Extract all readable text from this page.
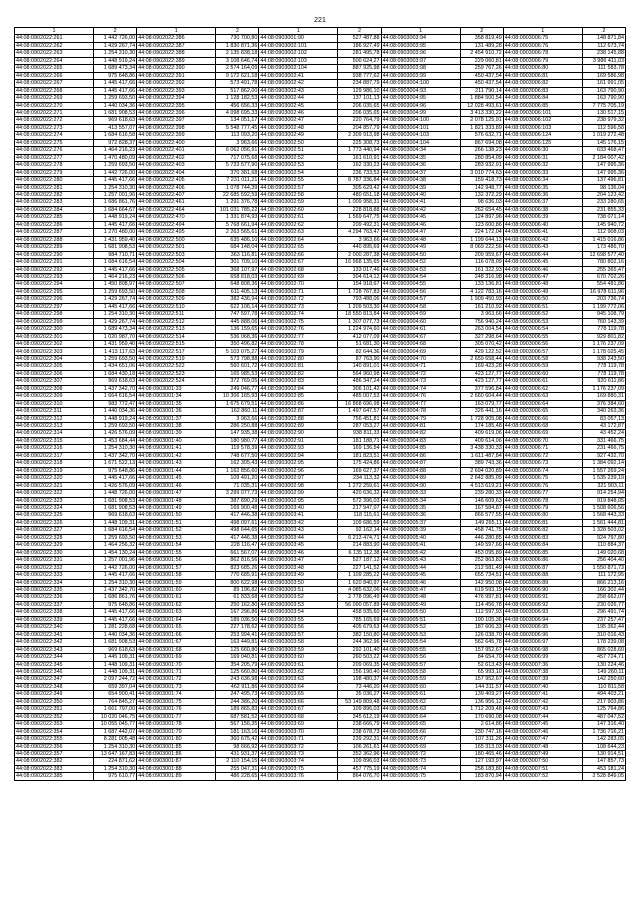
221
1	2	1	2	1	2	1	2	1	2
44:08:0902022:261	1 442 726,00	44:08:0902022:386	730 700,80	44:08:0903001:90	527 487,88	44:08:0903003:94	358 819,49	44:08:0903006:75	148 871,84
44:08:0902022:262	1 429 267,74	44:08:0902022:387	1 830 871,36	44:08:0903002:101	186 927,49	44:08:0903003:95	131 489,28	44:08:0903006:76	112 673,74
44:08:0902022:263	1 254 310,30	44:08:0902022:388	2 135 838,18	44:08:0903002:102	281 495,78	44:08:0903003:96	2 454 910,72	44:08:0903006:78	238 145,88
44:08:0902022:264	1 448 919,24	44:08:0902022:389	3 108 646,74	44:08:0903002:103	500 624,27	44:08:0903003:97	229 060,81	44:08:0903006:79	3 986 411,03
44:08:0902022:265	1 689 473,34	44:08:0902022:390	2 574 164,09	44:08:0903002:104	887 925,98	44:08:0903003:98	259 767,26	44:08:0903006:80	111 583,78
44:08:0902022:266	975 648,86	44:08:0902022:391	9 172 621,18	44:08:0903002:41	938 777,62	44:08:0903003:99	450 437,54	44:08:0903006:81	169 586,98
44:08:0902022:267	1 445 417,66	44:08:0902022:392	573 491,78	44:08:0903002:42	234 887,79	44:08:0903004:100	450 437,54	44:08:0903006:82	161 991,05
44:08:0902022:268	1 445 417,66	44:08:0902022:393	517 862,00	44:08:0903002:43	129 986,10	44:08:0903004:93	211 790,14	44:08:0903006:83	163 790,90
44:08:0902022:269	1 259 693,50	44:08:0902022:394	1 128 182,53	44:08:0903002:44	137 101,13	44:08:0903004:95	1 884 500,54	44:08:0903006:84	163 790,90
44:08:0902022:270	1 440 034,36	44:08:0902022:395	456 656,33	44:08:0903002:45	206 035,65	44:08:0903004:96	12 028 493,61	44:08:0903006:85	7 775 705,19
44:08:0902022:271	1 681 908,53	44:08:0902022:396	4 098 695,33	44:08:0903002:46	206 035,65	44:08:0903004:99	3 413 330,22	44:08:0903006:101	130 517,15
44:08:0902022:272	969 618,63	44:08:0902022:397	134 051,17	44:08:0903002:47	220 764,79	44:08:0903004:100	2 078 125,91	44:08:0903006:102	238 979,32
44:08:0902022:273	413 557,07	44:08:0902022:398	5 548 777,45	44:08:0903002:48	204 857,79	44:08:0903004:101	1 821 333,89	44:08:0903006:103	112 596,58
44:08:0902022:274	1 684 616,58	44:08:0902022:399	113 093,20	44:08:0903002:49	2 309 913,98	44:08:0903004:103	576 632,71	44:08:0903006:124	1 019 272,48
44:08:0902022:275	972 828,37	44:08:0902022:400	3 963,66	44:08:0903002:50	225 308,73	44:08:0903004:104	867 694,08	44:08:0903006:125	145 176,15
44:08:0902022:276	1 464 216,23	44:08:0902022:401	6 062 056,91	44:08:0903002:51	1 773 440,94	44:08:0903004:34	266 138,23	44:08:0903006:30	633 468,47
44:08:0902022:277	1 470 480,09	44:08:0902022:402	717 075,68	44:08:0903002:52	161 610,91	44:08:0903004:35	280 854,09	44:08:0903006:31	2 184 007,42
44:08:0902022:278	1 259 693,50	44:08:0902022:403	5 733 577,90	44:08:0903002:53	162 330,23	44:08:0903004:36	283 932,91	44:08:0903006:32	147 995,36
44:08:0902022:279	1 442 726,00	44:08:0902022:404	370 381,68	44:08:0903002:54	236 733,53	44:08:0903004:37	3 010 774,63	44:08:0903006:33	147 995,36
44:08:0902022:280	1 445 417,66	44:08:0902022:405	7 231 011,21	44:08:0903002:55	8 787 336,84	44:08:0903004:38	159 418,73	44:08:0903006:34	137 496,81
44:08:0902022:281	1 254 310,30	44:08:0902022:406	1 078 744,39	44:08:0903002:57	305 629,42	44:08:0903004:39	142 948,77	44:08:0903006:35	98 136,04
44:08:0902022:282	1 257 001,96	44:08:0902022:407	22 685 592,59	44:08:0903002:58	480 651,18	44:08:0903004:40	132 372,29	44:08:0903006:36	204 123,42
44:08:0902022:283	1 686 861,76	44:08:0902022:461	1 291 376,78	44:08:0903002:59	1 009 958,31	44:08:0903004:41	98 636,03	44:08:0903006:37	233 280,65
44:08:0902022:284	1 684 664,67	44:08:0902022:464	101 031 785,22	44:08:0903002:60	228 818,88	44:08:0903004:42	262 654,45	44:08:0903006:38	231 855,33
44:08:0902022:285	1 448 919,24	44:08:0902022:470	1 331 874,93	44:08:0903002:61	1 569 647,75	44:08:0903004:45	124 897,96	44:08:0903006:39	738 071,14
44:08:0902022:286	1 445 417,66	44:08:0902022:494	5 768 661,94	44:08:0903002:62	209 492,31	44:08:0903004:46	123 600,86	44:08:0903006:40	145 940,72
44:08:0902022:287	1 270 480,00	44:08:0902022:495	2 263 565,61	44:08:0903002:63	4 294 763,47	44:08:0903004:47	224 172,04	44:08:0903006:41	112 908,03
44:08:0902022:288	1 431 959,40	44:08:0902022:500	635 486,10	44:08:0903002:64	3 963,66	44:08:0903004:48	1 199 644,13	44:08:0903006:42	1 415 016,86
44:08:0902022:289	1 681 908,53	44:08:0902022:501	684 148,04	44:08:0903002:65	440 895,69	44:08:0903004:49	8 069 222,56	44:08:0903006:43	173 486,70
44:08:0902022:290	984 710,71	44:08:0902022:503	363 116,81	44:08:0903002:66	2 000 287,38	44:08:0903004:50	209 959,67	44:08:0903006:44	12 698 577,40
44:08:0902022:291	1 684 616,54	44:08:0902022:504	301 709,10	44:08:0903002:67	16 968 135,65	44:08:0903004:52	116 078,09	44:08:0903006:45	780 802,16
44:08:0902022:292	1 445 417,66	44:08:0902022:505	368 107,97	44:08:0903002:68	133 017,46	44:08:0903004:53	161 322,93	44:08:0903006:46	255 365,47
44:08:0902022:293	1 464 216,23	44:08:0902022:506	658 818,03	44:08:0903002:69	304 614,12	44:08:0903004:54	248 316,98	44:08:0903006:47	670 702,26
44:08:0902022:294	1 450 808,97	44:08:0902022:507	648 808,36	44:08:0903002:70	154 918,67	44:08:0903004:55	133 136,81	44:08:0903006:48	554 481,86
44:08:0902022:295	1 259 693,50	44:08:0902022:508	611 405,13	44:08:0903002:71	1 728 767,83	44:08:0903004:56	4 122 783,16	44:08:0903006:49	16 978 611,96
44:08:0902022:296	1 429 267,74	44:08:0902022:509	382 436,94	44:08:0903002:72	793 488,06	44:08:0903004:57	1 909 450,93	44:08:0903006:50	203 736,74
44:08:0902022:297	1 445 417,66	44:08:0902022:510	622 106,14	44:08:0903002:73	1 209 503,30	44:08:0903004:58	161 210,92	44:08:0903006:51	1 199 772,06
44:08:0902022:298	1 254 310,30	44:08:0902022:511	747 597,78	44:08:0903002:74	18 550 813,84	44:08:0903004:59	3 963,66	44:08:0903006:52	945 108,79
44:08:0902022:299	1 429 267,74	44:08:0902022:512	445 888,06	44:08:0903002:75	1 307 077,73	44:08:0903004:60	756 940,24	44:08:0903006:53	760 143,39
44:08:0902022:300	1 689 473,34	44:08:0902022:513	136 159,65	44:08:0903002:76	1 224 974,60	44:08:0903004:61	263 004,54	44:08:0903006:54	778 119,78
44:08:0902022:301	1 020 987,70	44:08:0902022:514	536 068,36	44:08:0903002:77	412 077,09	44:08:0903004:67	327 298,64	44:08:0903006:55	929 801,82
44:08:0902022:302	1 431 959,40	44:08:0902022:515	350 496,82	44:08:0903002:78	51 681,30	44:08:0903004:68	305 070,42	44:08:0903006:56	1 176 237,09
44:08:0902022:303	1 413 117,63	44:08:0902022:517	5 103 075,27	44:08:0903002:79	82 644,36	44:08:0903004:69	429 122,52	44:08:0903006:57	1 178 025,45
44:08:0902022:304	1 259 693,50	44:08:0902022:519	573 798,88	44:08:0903002:80	87 763,90	44:08:0903004:70	2 659 658,44	44:08:0903006:58	938 243,50
44:08:0902022:305	1 434 651,06	44:08:0902022:522	560 601,72	44:08:0903002:81	140 891,01	44:08:0903004:71	169 423,28	44:08:0903006:59	778 119,78
44:08:0902022:306	1 684 430,18	44:08:0902022:523	165 985,53	44:08:0903002:82	564 960,98	44:08:0903004:72	423 127,77	44:08:0903006:60	778 119,78
44:08:0902022:307	969 618,63	44:08:0902022:524	372 769,05	44:08:0903002:83	486 347,24	44:08:0903004:73	423 127,77	44:08:0903006:61	920 611,86
44:08:0902022:308	1 437 342,70	44:08:0903001:33	249 046,77	44:08:0903002:84	306 101,42	44:08:0903004:74	377 596,84	44:08:0903006:62	1 176 237,09
44:08:0902022:309	1 664 616,54	44:08:0903001:34	10 306 165,93	44:08:0903002:85	485 007,53	44:08:0903004:76	2 660 604,44	44:08:0903006:63	169 880,31
44:08:0902022:310	983 772,47	44:08:0903001:35	1 675 679,51	44:08:0903002:86	16 868 696,98	44:08:0903004:77	163 079,77	44:08:0903006:64	376 384,60
44:08:0902022:311	1 440 034,36	44:08:0903001:36	162 860,11	44:08:0903002:87	1 497 647,57	44:08:0903004:78	326 441,16	44:08:0903006:65	340 263,36
44:08:0902022:312	1 448 919,24	44:08:0903001:37	3 963,66	44:08:0903002:88	756 451,81	44:08:0903004:79	1 728 905,08	44:08:0903006:66	83 057,13
44:08:0902022:313	1 259 693,50	44:08:0903001:38	286 250,88	44:08:0903002:89	287 053,27	44:08:0903004:81	174 185,48	44:08:0903006:68	43 172,87
44:08:0902022:314	1 426 576,09	44:08:0903001:39	147 935,38	44:08:0903002:90	938 811,33	44:08:0903004:82	409 619,06	44:08:0903006:69	43 452,24
44:08:0902022:315	1 453 684,44	44:08:0903001:40	180 980,77	44:08:0903002:91	181 188,71	44:08:0903004:83	409 614,06	44:08:0903006:70	331 466,75
44:08:0902022:316	1 254 310,30	44:08:0903001:41	119 578,39	44:08:0903002:93	169 136,54	44:08:0903004:85	3 438 330,33	44:08:0903006:71	231 466,75
44:08:0902022:317	1 437 342,70	44:08:0903001:42	748 677,50	44:08:0903002:94	181 823,51	44:08:0903004:86	1 611 487,84	44:08:0903006:72	927 432,70
44:08:0902022:318	1 671 522,13	44:08:0903001:43	162 305,43	44:08:0903002:95	175 424,86	44:08:0903004:87	389 743,36	44:08:0903006:73	1 384 092,14
44:08:0902022:319	975 648,86	44:08:0903001:44	1 162 856,60	44:08:0903002:96	169 627,37	44:08:0903004:88	2 694 020,89	44:08:0903006:74	1 557 269,24
44:08:0902022:320	1 445 417,66	44:08:0903001:45	109 491,20	44:08:0903002:97	234 113,32	44:08:0903004:89	2 642 885,09	44:08:0903006:75	1 535 239,19
44:08:0902022:321	1 426 576,09	44:08:0903001:46	71 035,31	44:08:0903002:98	1 272 259,61	44:08:0903004:90	4 513 619,21	44:08:0903006:76	321 903,11
44:08:0902022:322	1 448 726,00	44:08:0903001:47	3 299 077,73	44:08:0903002:99	420 636,32	44:08:0903005:33	239 280,33	44:08:0903006:77	914 254,94
44:08:0902022:323	1 681 908,53	44:08:0903001:48	387 890,29	44:08:0903002:95	572 396,03	44:08:0903005:34	146 609,63	44:08:0903006:78	919 848,05
44:08:0902022:324	1 681 908,53	44:08:0903001:49	169 900,48	44:08:0903003:40	217 947,07	44:08:0903005:35	167 584,87	44:08:0903006:79	1 508 606,56
44:08:0902022:325	969 618,63	44:08:0903001:50	417 446,38	44:08:0903003:41	118 115,61	44:08:0903005:36	866 577,55	44:08:0903006:80	1 568 443,33
44:08:0902022:326	1 448 109,31	44:08:0903001:51	498 097,61	44:08:0903003:42	109 686,59	44:08:0903005:37	149 265,11	44:08:0903006:81	1 561 444,81
44:08:0902022:327	1 684 616,54	44:08:0903001:52	498 644,65	44:08:0903003:43	92 162,14	44:08:0903005:39	458 741,75	44:08:0903006:82	1 328 503,02
44:08:0902022:328	1 259 693,50	44:08:0903001:53	417 446,38	44:08:0903003:44	6 213 474,71	44:08:0903005:40	446 280,85	44:08:0903006:83	924 797,80
44:08:0902022:329	1 464 256,32	44:08:0903001:54	228 116,47	44:08:0903003:45	214 883,90	44:08:0903005:41	149 597,66	44:08:0903006:84	110 884,37
44:08:0902022:330	1 454 130,24	44:08:0903001:55	661 567,07	44:08:0903003:46	6 135 112,38	44:08:0903005:42	453 095,89	44:08:0903006:85	149 020,68
44:08:0902022:331	1 257 001,96	44:08:0903001:56	862 816,56	44:08:0903003:47	527 187,12	44:08:0903005:43	252 863,83	44:08:0903006:86	256 404,40
44:08:0902022:332	1 442 726,00	44:08:0903001:57	823 685,26	44:08:0903003:48	227 141,52	44:08:0903005:44	212 581,49	44:08:0903006:87	1 550 871,73
44:08:0902022:333	1 445 417,66	44:08:0903001:58	770 685,91	44:08:0903003:49	1 109 285,22	44:08:0903005:45	655 734,51	44:08:0903006:88	111 172,95
44:08:0902022:334	1 254 310,30	44:08:0903001:59	800 622,98	44:08:0903003:50	1 620 840,97	44:08:0903005:46	142 950,08	44:08:0903006:89	866 213,16
44:08:0902022:335	1 437 342,70	44:08:0903001:60	89 196,82	44:08:0903003:51	4 085 632,06	44:08:0903005:47	619 593,19	44:08:0903006:90	166 302,44
44:08:0902022:336	1 686 861,76	44:08:0903001:61	61 833,68	44:08:0903003:52	2 778 096,49	44:08:0903005:48	476 997,81	44:08:0903006:91	258 662,07
44:08:0902022:337	975 648,86	44:08:0903001:62	250 162,80	44:08:0903003:53	56 090 057,89	44:08:0903005:49	114 456,78	44:08:0903006:92	230 026,77
44:08:0902022:338	1 445 417,66	44:08:0903001:63	167 296,86	44:08:0903003:54	458 935,60	44:08:0903005:50	112 597,93	44:08:0903006:93	296 491,74
44:08:0902022:339	1 445 417,66	44:08:0903001:64	189 036,50	44:08:0903003:55	785 165,69	44:08:0903005:51	190 105,36	44:08:0903006:94	237 257,47
44:08:0902022:340	1 281 228,68	44:08:0903001:65	227 178,62	44:08:0903003:56	405 679,63	44:08:0903005:52	187 606,33	44:08:0903006:95	195 362,44
44:08:0902022:341	1 440 034,36	44:08:0903001:66	253 994,41	44:08:0903003:57	382 150,80	44:08:0903005:53	126 038,70	44:08:0903006:96	310 016,43
44:08:0902022:342	1 681 908,53	44:08:0903001:67	163 449,81	44:08:0903003:58	244 362,96	44:08:0903005:54	562 645,78	44:08:0903006:97	178 239,08
44:08:0902022:343	969 618,63	44:08:0903001:68	125 660,80	44:08:0903003:59	292 101,40	44:08:0903005:55	157 952,67	44:08:0903006:98	865 028,60
44:08:0902022:344	1 445 109,31	44:08:0903001:69	169 040,81	44:08:0903003:60	260 503,22	44:08:0903005:56	84 654,70	44:08:0903006:99	457 724,71
44:08:0902022:345	1 448 109,31	44:08:0903001:70	354 205,79	44:08:0903003:61	209 069,35	44:08:0903005:57	52 613,43	44:08:0903007:36	130 224,46
44:08:0902022:346	1 448 109,31	44:08:0903001:71	125 660,80	44:08:0903003:62	156 190,40	44:08:0903005:58	65 993,10	44:08:0903007:38	149 260,11
44:08:0902022:347	2 097 244,72	44:08:0903001:72	243 636,98	44:08:0903003:63	198 480,37	44:08:0903005:59	157 952,67	44:08:0903007:39	142 250,60
44:08:0902022:348	659 397,04	44:08:0903001:73	462 911,86	44:08:0903003:64	73 446,20	44:08:0903005:60	144 311,57	44:08:0903007:40	110 811,58
44:08:0902022:349	654 900,41	44:08:0903001:74	247 495,73	44:08:0903003:65	35 036,27	44:08:0903005:61	139 409,27	44:08:0903007:41	494 403,21
44:08:0902022:350	764 845,27	44:08:0903001:75	244 386,20	44:08:0903003:66	53 149 809,48	44:08:0903005:62	136 956,12	44:08:0903007:42	217 903,86
44:08:0902022:351	1 661 797,00	44:08:0903001:76	189 865,83	44:08:0903003:67	109 896,03	44:08:0903005:63	1 712 209,48	44:08:0903007:43	125 764,86
44:08:0902022:352	10 020 046,75	44:08:0903001:77	687 581,52	44:08:0903003:68	345 612,19	44:08:0903005:64	170 690,08	44:08:0903007:44	487 047,52
44:08:0902022:353	10 055 045,77	44:08:0903001:78	567 156,35	44:08:0903003:69	238 666,79	44:08:0903005:65	2 614,86	44:08:0903007:45	147 316,40
44:08:0902022:354	1 687 442,07	44:08:0903001:79	181 163,16	44:08:0903003:70	238 678,73	44:08:0903005:66	230 747,16	44:08:0903007:46	1 736 716,21
44:08:0902022:355	8 281 005,48	44:08:0903001:80	360 675,42	44:08:0903003:71	239 292,31	44:08:0903005:67	107 311,26	44:08:0903007:47	142 283,05
44:08:0902022:356	1 254 310,30	44:08:0903001:85	98 666,92	44:08:0903003:72	106 261,61	44:08:0903005:69	165 313,03	44:08:0903007:48	108 644,23
44:08:0902022:357	13 647 167,83	44:08:0903001:86	431 931,37	44:08:0903003:73	352 362,96	44:08:0903005:72	180 465,46	44:08:0903007:49	130 914,51
44:08:0902022:382	224 871,62	44:08:0903001:87	2 110 154,15	44:08:0903003:74	109 896,03	44:08:0903005:73	127 193,97	44:08:0903007:50	147 857,73
44:08:0902022:383	1 254 310,30	44:08:0903001:88	255 047,31	44:08:0903003:75	457 775,19	44:08:0903005:74	258 183,80	44:08:0903007:51	453 181,24
44:08:0902022:385	975 610,77	44:08:0903001:89	486 228,65	44:08:0903003:76	864 076,70	44:08:0903005:75	183 870,94	44:08:0903007:52	2 528 849,05
